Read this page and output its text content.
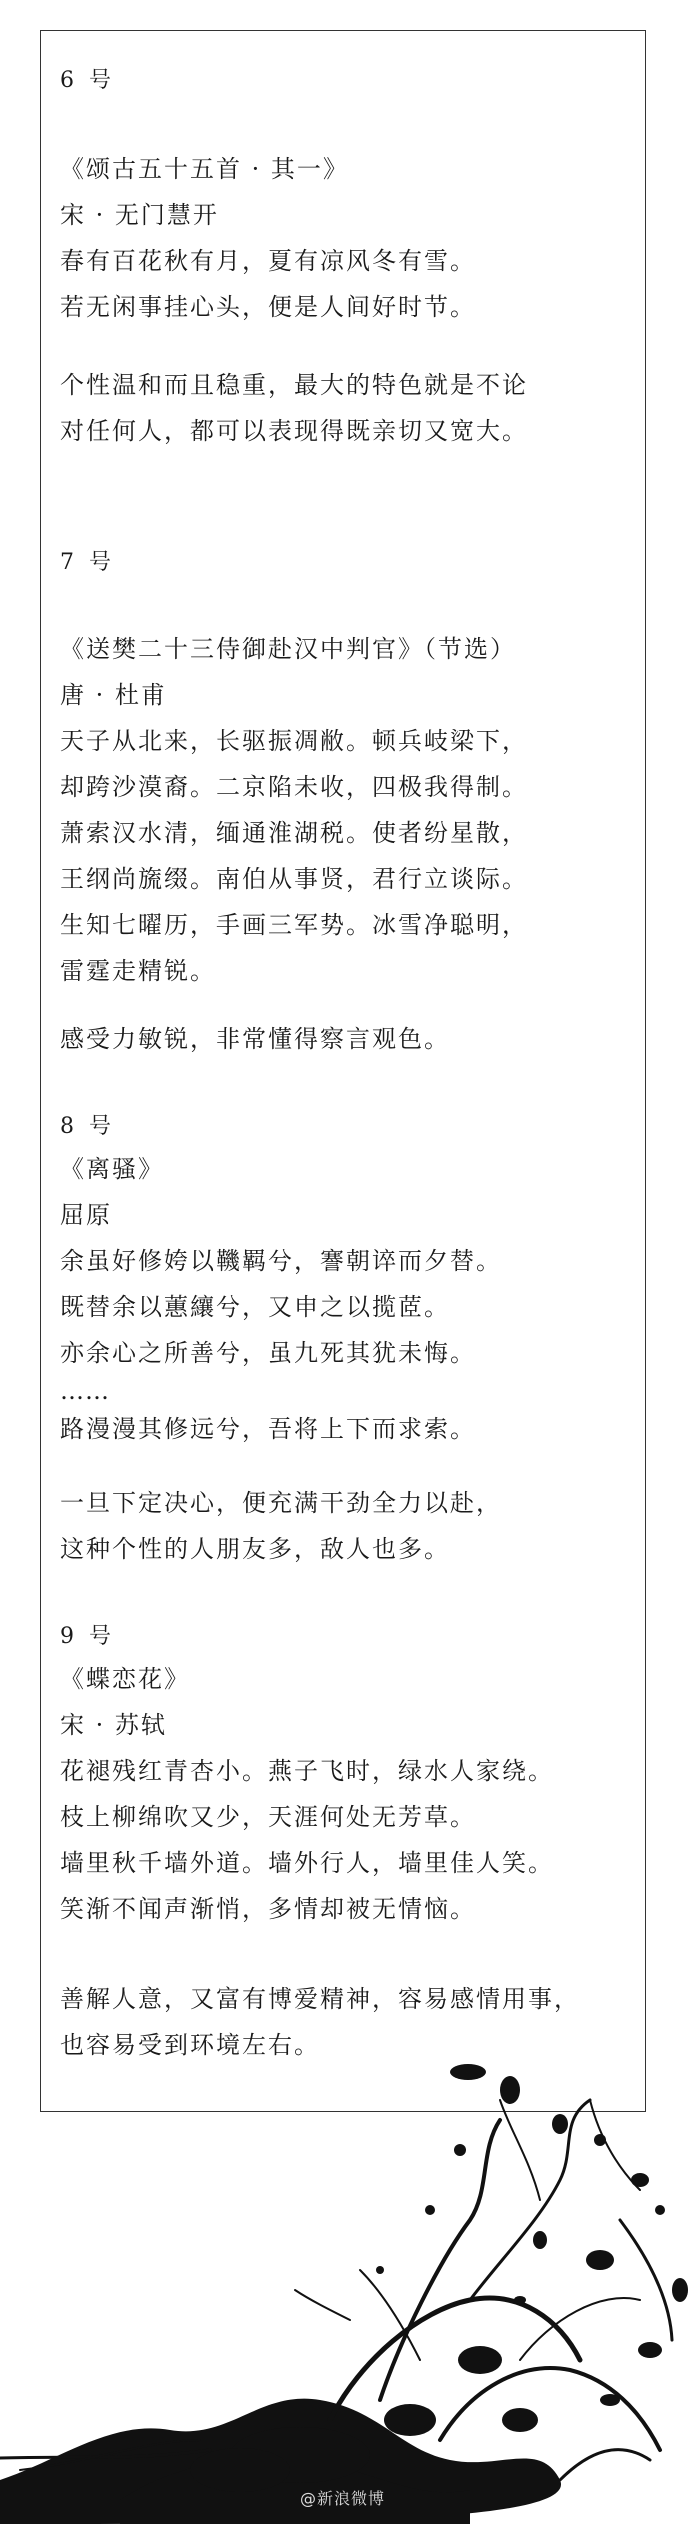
6 号
《颂古五十五首 · 其一》
宋 · 无门慧开
春有百花秋有月，夏有凉风冬有雪。
若无闲事挂心头，便是人间好时节。
个性温和而且稳重，最大的特色就是不论
对任何人，都可以表现得既亲切又宽大。
7 号
《送樊二十三侍御赴汉中判官》（节选）
唐 · 杜甫
天子从北来，长驱振凋敝。顿兵岐梁下，
却跨沙漠裔。二京陷未收，四极我得制。
萧索汉水清，缅通淮湖税。使者纷星散，
王纲尚旒缀。南伯从事贤，君行立谈际。
生知七曜历，手画三军势。冰雪净聪明，
雷霆走精锐。
感受力敏锐，非常懂得察言观色。
8 号
《离骚》
屈原
余虽好修姱以鞿羁兮，謇朝谇而夕替。
既替余以蕙纕兮，又申之以揽茝。
亦余心之所善兮，虽九死其犹未悔。
……
路漫漫其修远兮，吾将上下而求索。
一旦下定决心，便充满干劲全力以赴，
这种个性的人朋友多，敌人也多。
9 号
《蝶恋花》
宋 · 苏轼
花褪残红青杏小。燕子飞时，绿水人家绕。
枝上柳绵吹又少，天涯何处无芳草。
墙里秋千墙外道。墙外行人，墙里佳人笑。
笑渐不闻声渐悄，多情却被无情恼。
善解人意，又富有博爱精神，容易感情用事，
也容易受到环境左右。
@新浪微博
